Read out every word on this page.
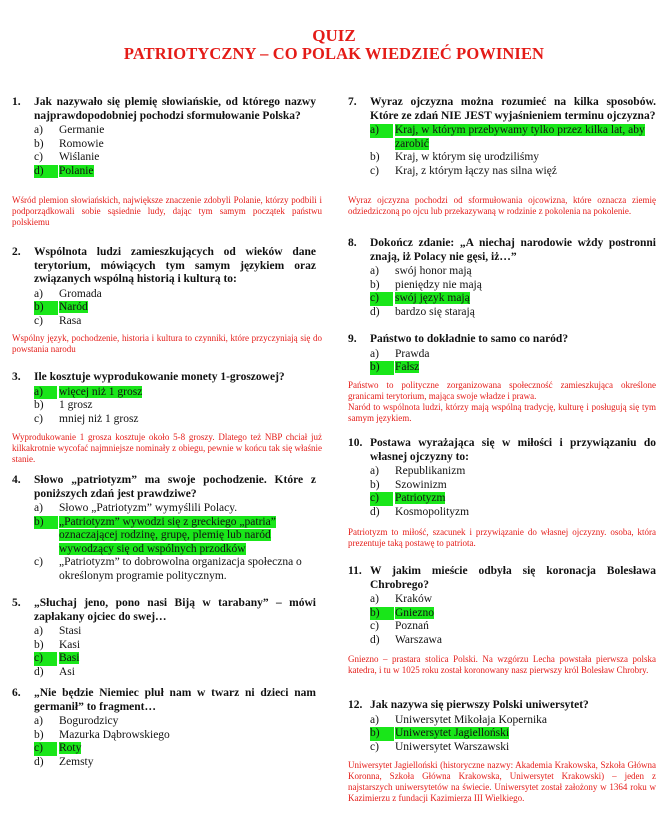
QUIZ
PATRIOTYCZNY – CO POLAK WIEDZIEĆ POWINIEN
1. Jak nazywało się plemię słowiańskie, od którego nazwy najprawdopodobniej pochodzi sformułowanie Polska?
a) Germanie
b) Romowie
c) Wiślanie
d)	Polanie
Wśród plemion słowiańskich, największe znaczenie zdobyli Polanie, którzy podbili i podporządkowali sobie sąsiednie ludy, dając tym samym początek państwu polskiemu
2. Wspólnota ludzi zamieszkujących od wieków dane terytorium, mówiących tym samym językiem oraz związanych wspólną historią i kulturą to:
a) Gromada
b)	Naród
c) Rasa
Wspólny język, pochodzenie, historia i kultura to czynniki, które przyczyniają się do powstania narodu
3. Ile kosztuje wyprodukowanie monety 1-groszowej?
a)	więcej niż 1 grosz
b) 1 grosz
c) mniej niż 1 grosz
Wyprodukowanie 1 grosza kosztuje około 5-8 groszy. Dlatego też NBP chciał już kilkakrotnie wycofać najmniejsze nominały z obiegu, pewnie w końcu tak się właśnie stanie.
4. Słowo „patriotyzm” ma swoje pochodzenie. Które z poniższych zdań jest prawdziwe?
a) Słowo „Patriotyzm” wymyślili Polacy.
b)	„Patriotyzm” wywodzi się z greckiego „patria” oznaczającej rodzinę, grupę, plemię lub naród wywodzący się od wspólnych przodków
c) „Patriotyzm” to dobrowolna organizacja społeczna o określonym programie politycznym.
5. „Słuchaj jeno, pono nasi Biją w tarabany” – mówi zapłakany ojciec do swej…
a) Stasi
b) Kasi
c)	Basi
d) Asi
6. „Nie będzie Niemiec pluł nam w twarz ni dzieci nam germanił” to fragment…
a) Bogurodzicy
b) Mazurka Dąbrowskiego
c)	Roty
d) Zemsty
7. Wyraz ojczyzna można rozumieć na kilka sposobów. Które ze zdań NIE JEST wyjaśnieniem terminu ojczyzna?
a)	Kraj, w którym przebywamy tylko przez kilka lat, aby zarobić
b) Kraj, w którym się urodziliśmy
c) Kraj, z którym łączy nas silna więź
Wyraz ojczyzna pochodzi od sformułowania ojcowizna, które oznacza ziemię odziedziczoną po ojcu lub przekazywaną w rodzinie z pokolenia na pokolenie.
8. Dokończ zdanie: „A niechaj narodowie wżdy postronni znają, iż Polacy nie gęsi, iż…”
a) swój honor mają
b) pieniędzy nie mają
c)	swój język mają
d) bardzo się starają
9. Państwo to dokładnie to samo co naród?
a) Prawda
b)	Fałsz
Państwo to polityczne zorganizowana społeczność zamieszkująca określone granicami terytorium, mająca swoje władze i prawa.
Naród to wspólnota ludzi, którzy mają wspólną tradycję, kulturę i posługują się tym samym językiem.
10. Postawa wyrażająca się w miłości i przywiązaniu do własnej ojczyzny to:
a) Republikanizm
b) Szowinizm
c)	Patriotyzm
d) Kosmopolityzm
Patriotyzm to miłość, szacunek i przywiązanie do własnej ojczyzny. osoba, która prezentuje taką postawę to patriota.
11. W jakim mieście odbyła się koronacja Bolesława Chrobrego?
a) Kraków
b)	Gniezno
c) Poznań
d) Warszawa
Gniezno – prastara stolica Polski. Na wzgórzu Lecha powstała pierwsza polska katedra, i tu w 1025 roku został koronowany nasz pierwszy król Bolesław Chrobry.
12. Jak nazywa się pierwszy Polski uniwersytet?
a) Uniwersytet Mikołaja Kopernika
b)	Uniwersytet Jagielloński
c) Uniwersytet Warszawski
Uniwersytet Jagielloński (historyczne nazwy: Akademia Krakowska, Szkoła Główna Koronna, Szkoła Główna Krakowska, Uniwersytet Krakowski) – jeden z najstarszych uniwersytetów na świecie. Uniwersytet został założony w 1364 roku w Kazimierzu z fundacji Kazimierza III Wielkiego.
